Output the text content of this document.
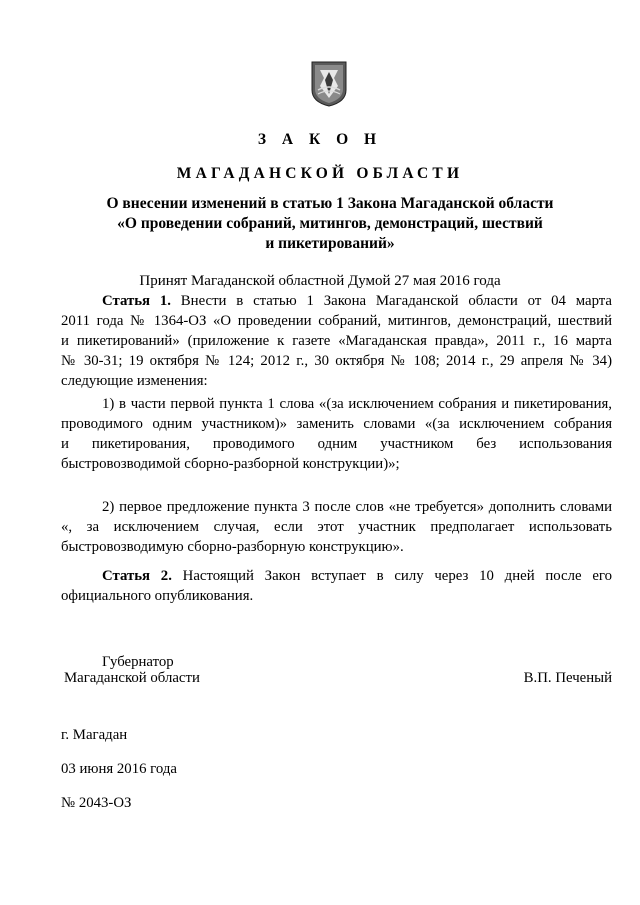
З А К О Н
МАГАДАНСКОЙ ОБЛАСТИ
О внесении изменений в статью 1 Закона Магаданской области
«О проведении собраний, митингов, демонстраций, шествий
и пикетирований»
Принят Магаданской областной Думой 27 мая 2016 года
Статья 1. Внести в статью 1 Закона Магаданской области от 04 марта
2011 года № 1364-ОЗ «О проведении собраний, митингов, демонстраций, шествий
и пикетирований» (приложение к газете «Магаданская правда», 2011 г., 16 марта
№ 30-31; 19 октября № 124; 2012 г., 30 октября № 108; 2014 г., 29 апреля № 34)
следующие изменения:
1) в части первой пункта 1 слова «(за исключением собрания и пикетирования,
проводимого одним участником)» заменить словами «(за исключением собрания
и пикетирования, проводимого одним участником без использования
быстровозводимой сборно-разборной конструкции)»;
2) первое предложение пункта 3 после слов «не требуется» дополнить словами
«, за исключением случая, если этот участник предполагает использовать
быстровозводимую сборно-разборную конструкцию».
Статья 2. Настоящий Закон вступает в силу через 10 дней после его
официального опубликования.
Губернатор
Магаданской области	В.П. Печеный
г. Магадан
03 июня 2016 года
№ 2043-ОЗ
